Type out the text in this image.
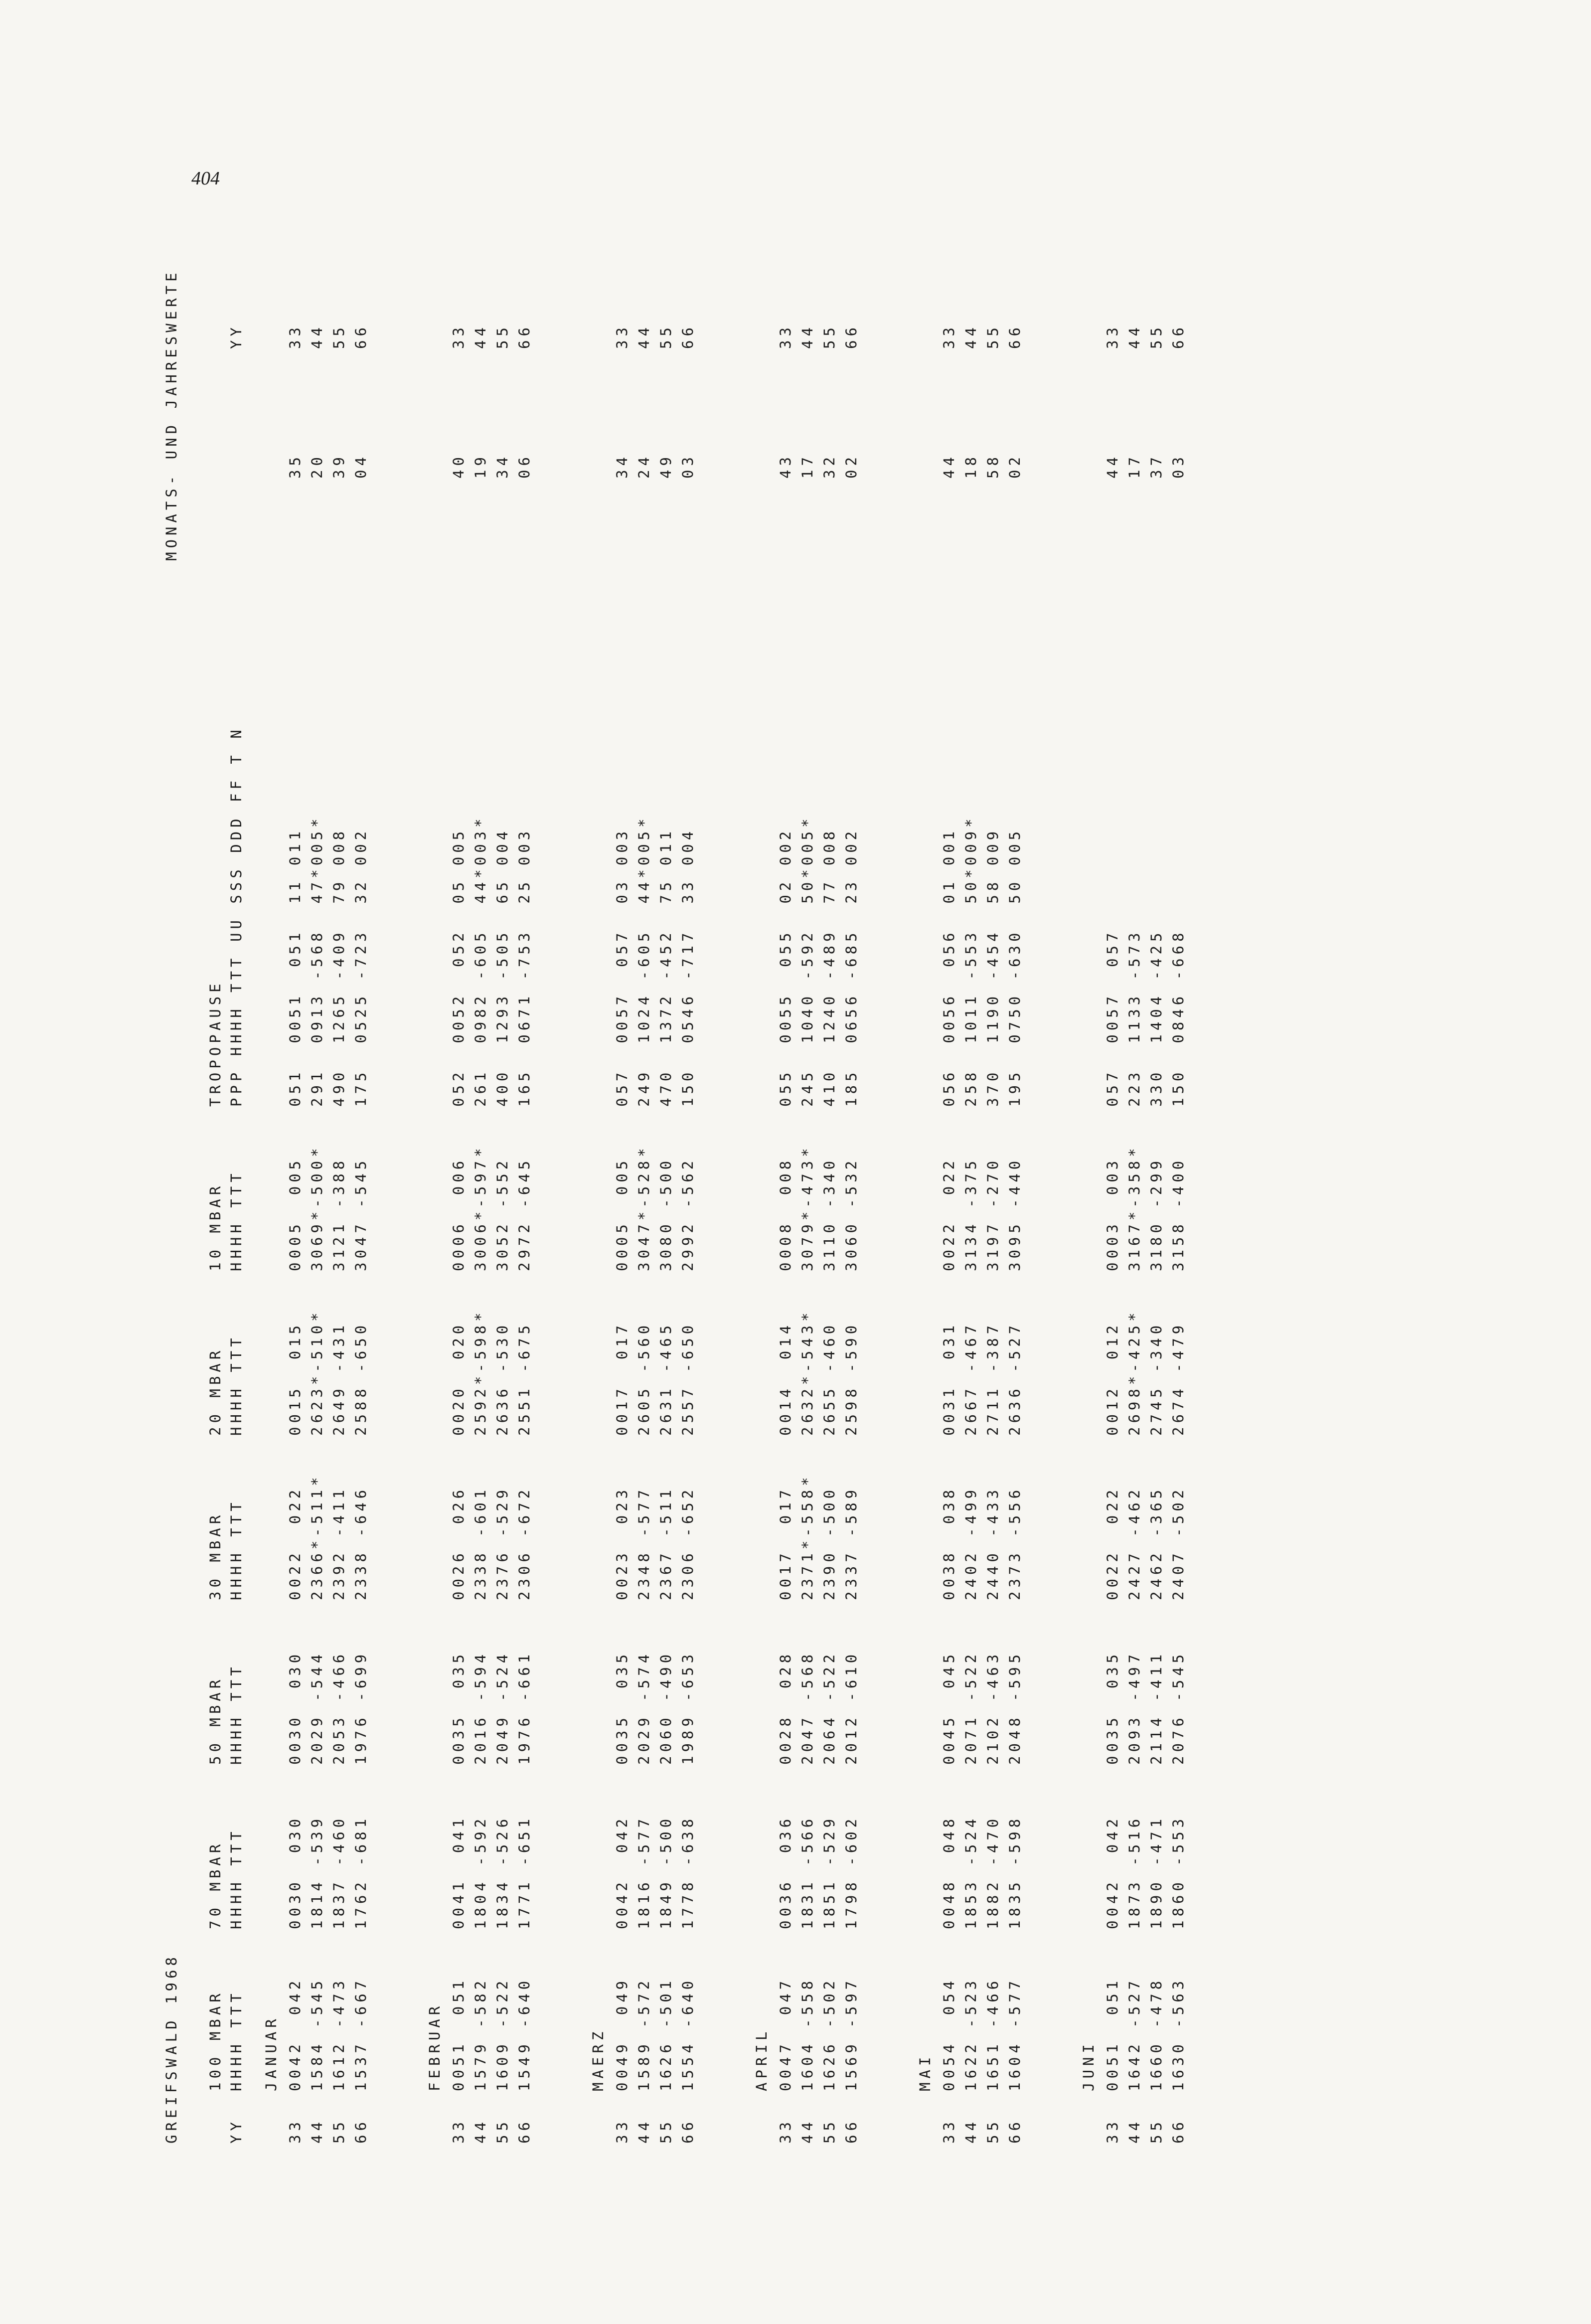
404
GREIFSWALD 1968
MONATS- UND JAHRESWERTE
YY
100 MBAR HHHH TTT
70 MBAR HHHH TTT
50 MBAR HHHH TTT
30 MBAR HHHH TTT
20 MBAR HHHH TTT
10 MBAR HHHH TTT
TROPOPAUSE PPP HHHH TTT UU SSS DDD FF T N
YY
JANUAR
33
0042  042
0030  030
0030  030
0022  022
0015  015
0005  005
051  0051  051  11 011
35
33
44
1584 -545
1814 -539
2029 -544
2366*-511*
2623*-510*
3069*-500*
291  0913 -568  47*005*
20
44
55
1612 -473
1837 -460
2053 -466
2392 -411
2649 -431
3121 -388
490  1265 -409  79 008
39
55
66
1537 -667
1762 -681
1976 -699
2338 -646
2588 -650
3047 -545
175  0525 -723  32 002
04
66
FEBRUAR
33
0051  051
0041  041
0035  035
0026  026
0020  020
0006  006
052  0052  052  05 005
40
33
44
1579 -582
1804 -592
2016 -594
2338 -601
2592*-598*
3006*-597*
261  0982 -605  44*003*
19
44
55
1609 -522
1834 -526
2049 -524
2376 -529
2636 -530
3052 -552
400  1293 -505  65 004
34
55
66
1549 -640
1771 -651
1976 -661
2306 -672
2551 -675
2972 -645
165  0671 -753  25 003
06
66
MAERZ
33
0049  049
0042  042
0035  035
0023  023
0017  017
0005  005
057  0057  057  03 003
34
33
44
1589 -572
1816 -577
2029 -574
2348 -577
2605 -560
3047*-528*
249  1024 -605  44*005*
24
44
55
1626 -501
1849 -500
2060 -490
2367 -511
2631 -465
3080 -500
470  1372 -452  75 011
49
55
66
1554 -640
1778 -638
1989 -653
2306 -652
2557 -650
2992 -562
150  0546 -717  33 004
03
66
APRIL
33
0047  047
0036  036
0028  028
0017  017
0014  014
0008  008
055  0055  055  02 002
43
33
44
1604 -558
1831 -566
2047 -568
2371*-558*
2632*-543*
3079*-473*
245  1040 -592  50*005*
17
44
55
1626 -502
1851 -529
2064 -522
2390 -500
2655 -460
3110 -340
410  1240 -489  77 008
32
55
66
1569 -597
1798 -602
2012 -610
2337 -589
2598 -590
3060 -532
185  0656 -685  23 002
02
66
MAI
33
0054  054
0048  048
0045  045
0038  038
0031  031
0022  022
056  0056  056  01 001
44
33
44
1622 -523
1853 -524
2071 -522
2402 -499
2667 -467
3134 -375
258  1011 -553  50*009*
18
44
55
1651 -466
1882 -470
2102 -463
2440 -433
2711 -387
3197 -270
370  1190 -454  58 009
58
55
66
1604 -577
1835 -598
2048 -595
2373 -556
2636 -527
3095 -440
195  0750 -630  50 005
02
66
JUNI
33
0051  051
0042  042
0035  035
0022  022
0012  012
0003  003
057  0057  057
44
33
44
1642 -527
1873 -516
2093 -497
2427 -462
2698*-425*
3167*-358*
223  1133 -573
17
44
55
1660 -478
1890 -471
2114 -411
2462 -365
2745 -340
3180 -299
330  1404 -425
37
55
66
1630 -563
1860 -553
2076 -545
2407 -502
2674 -479
3158 -400
150  0846 -668
03
66
